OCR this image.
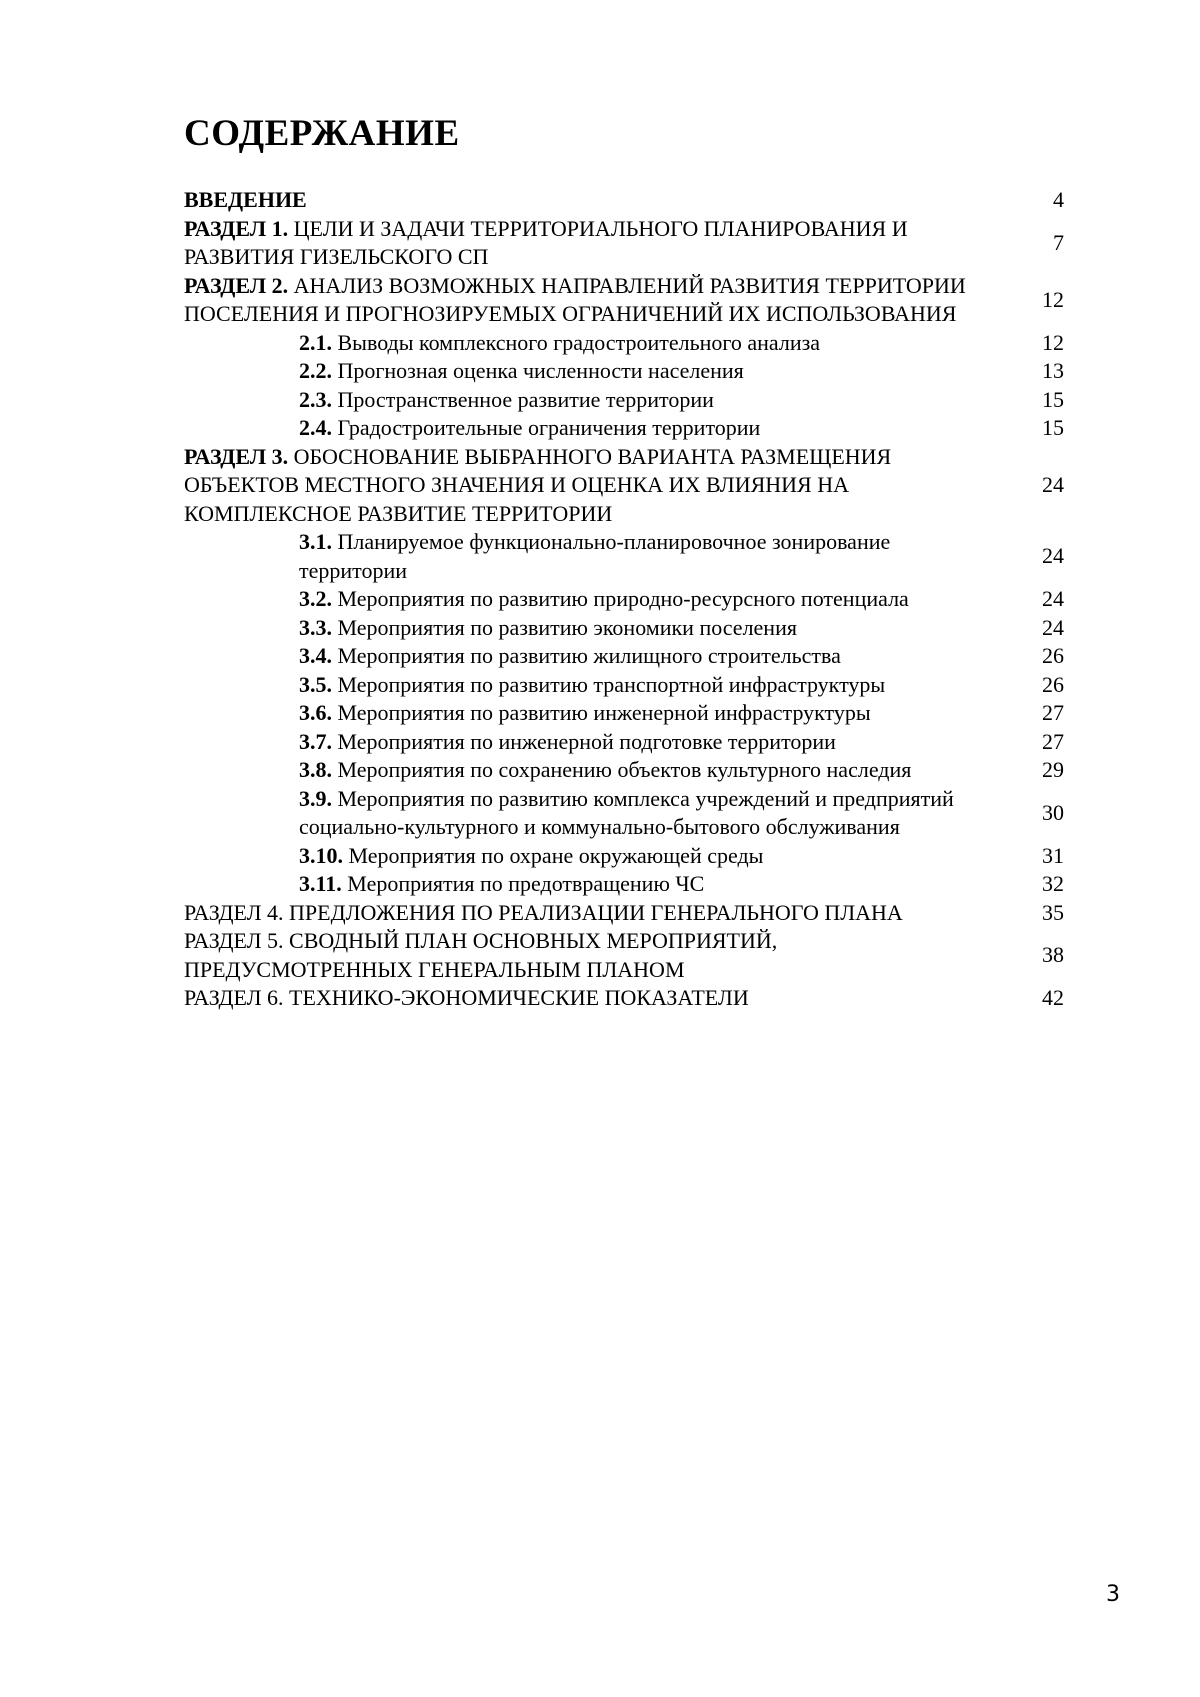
СОДЕРЖАНИЕ
ВВЕДЕНИЕ	4
РАЗДЕЛ 1. ЦЕЛИ И ЗАДАЧИ ТЕРРИТОРИАЛЬНОГО ПЛАНИРОВАНИЯ И РАЗВИТИЯ ГИЗЕЛЬСКОГО СП	7
РАЗДЕЛ 2. АНАЛИЗ ВОЗМОЖНЫХ НАПРАВЛЕНИЙ РАЗВИТИЯ ТЕРРИТОРИИ ПОСЕЛЕНИЯ И ПРОГНОЗИРУЕМЫХ ОГРАНИЧЕНИЙ ИХ ИСПОЛЬЗОВАНИЯ	12
2.1. Выводы комплексного градостроительного анализа	12
2.2. Прогнозная оценка численности населения	13
2.3. Пространственное развитие территории	15
2.4. Градостроительные ограничения территории	15
РАЗДЕЛ 3. ОБОСНОВАНИЕ ВЫБРАННОГО ВАРИАНТА РАЗМЕЩЕНИЯ ОБЪЕКТОВ МЕСТНОГО ЗНАЧЕНИЯ И ОЦЕНКА ИХ ВЛИЯНИЯ НА КОМПЛЕКСНОЕ РАЗВИТИЕ ТЕРРИТОРИИ	24
3.1. Планируемое функционально-планировочное зонирование территории	24
3.2. Мероприятия по развитию природно-ресурсного потенциала	24
3.3. Мероприятия по развитию экономики поселения	24
3.4. Мероприятия по развитию жилищного строительства	26
3.5. Мероприятия по развитию транспортной инфраструктуры	26
3.6. Мероприятия по развитию инженерной инфраструктуры	27
3.7. Мероприятия по инженерной подготовке территории	27
3.8. Мероприятия по сохранению объектов культурного наследия	29
3.9. Мероприятия по развитию комплекса учреждений и предприятий социально-культурного и коммунально-бытового обслуживания	30
3.10. Мероприятия по охране окружающей среды	31
3.11. Мероприятия по предотвращению ЧС	32
РАЗДЕЛ 4. ПРЕДЛОЖЕНИЯ ПО РЕАЛИЗАЦИИ ГЕНЕРАЛЬНОГО ПЛАНА	35
РАЗДЕЛ 5. СВОДНЫЙ ПЛАН ОСНОВНЫХ МЕРОПРИЯТИЙ, ПРЕДУСМОТРЕННЫХ ГЕНЕРАЛЬНЫМ ПЛАНОМ	38
РАЗДЕЛ 6. ТЕХНИКО-ЭКОНОМИЧЕСКИЕ ПОКАЗАТЕЛИ	42
3
